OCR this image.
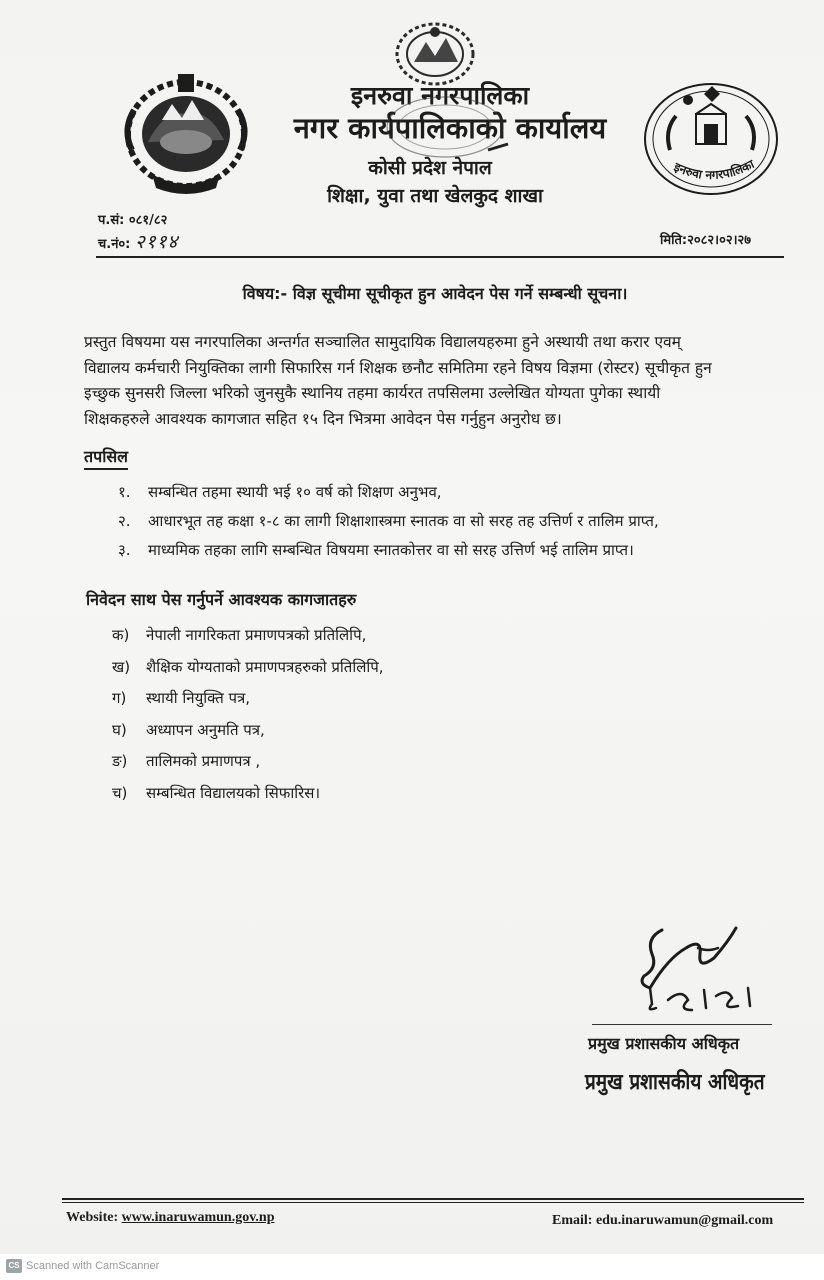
इनरुवा नगरपालिका
नगर कार्यपालिकाको कार्यालय
कोसी प्रदेश नेपाल
शिक्षा, युवा तथा खेलकुद शाखा
इनरुवा नगरपालिका
प.सं: ०८१/८२
च.नं०: २११४	मिति:२०८२।०२।२७
विषय:- विज्ञ सूचीमा सूचीकृत हुन आवेदन पेस गर्ने सम्बन्धी सूचना।
प्रस्तुत विषयमा यस नगरपालिका अन्तर्गत सञ्चालित सामुदायिक विद्यालयहरुमा हुने अस्थायी तथा करार एवम्
विद्यालय कर्मचारी नियुक्तिका लागी सिफारिस गर्न शिक्षक छनौट समितिमा रहने विषय विज्ञमा (रोस्टर) सूचीकृत हुन
इच्छुक सुनसरी जिल्ला भरिको जुनसुकै स्थानिय तहमा कार्यरत तपसिलमा उल्लेखित योग्यता पुगेका स्थायी
शिक्षकहरुले आवश्यक कागजात सहित १५ दिन भित्रमा आवेदन पेस गर्नुहुन अनुरोध छ।
तपसिल
१. सम्बन्धित तहमा स्थायी भई १० वर्ष को शिक्षण अनुभव,
२. आधारभूत तह कक्षा १-८ का लागी शिक्षाशास्त्रमा स्नातक वा सो सरह तह उत्तिर्ण र तालिम प्राप्त,
३. माध्यमिक तहका लागि सम्बन्धित विषयमा स्नातकोत्तर वा सो सरह उत्तिर्ण भई तालिम प्राप्त।
निवेदन साथ पेस गर्नुपर्ने आवश्यक कागजातहरु
क) नेपाली नागरिकता प्रमाणपत्रको प्रतिलिपि,
ख) शैक्षिक योग्यताको प्रमाणपत्रहरुको प्रतिलिपि,
ग) स्थायी नियुक्ति पत्र,
घ) अध्यापन अनुमति पत्र,
ङ) तालिमको प्रमाणपत्र ,
च) सम्बन्धित विद्यालयको सिफारिस।
प्रमुख प्रशासकीय अधिकृत
प्रमुख प्रशासकीय अधिकृत
Website: www.inaruwamun.gov.np	Email: edu.inaruwamun@gmail.com
CS Scanned with CamScanner
